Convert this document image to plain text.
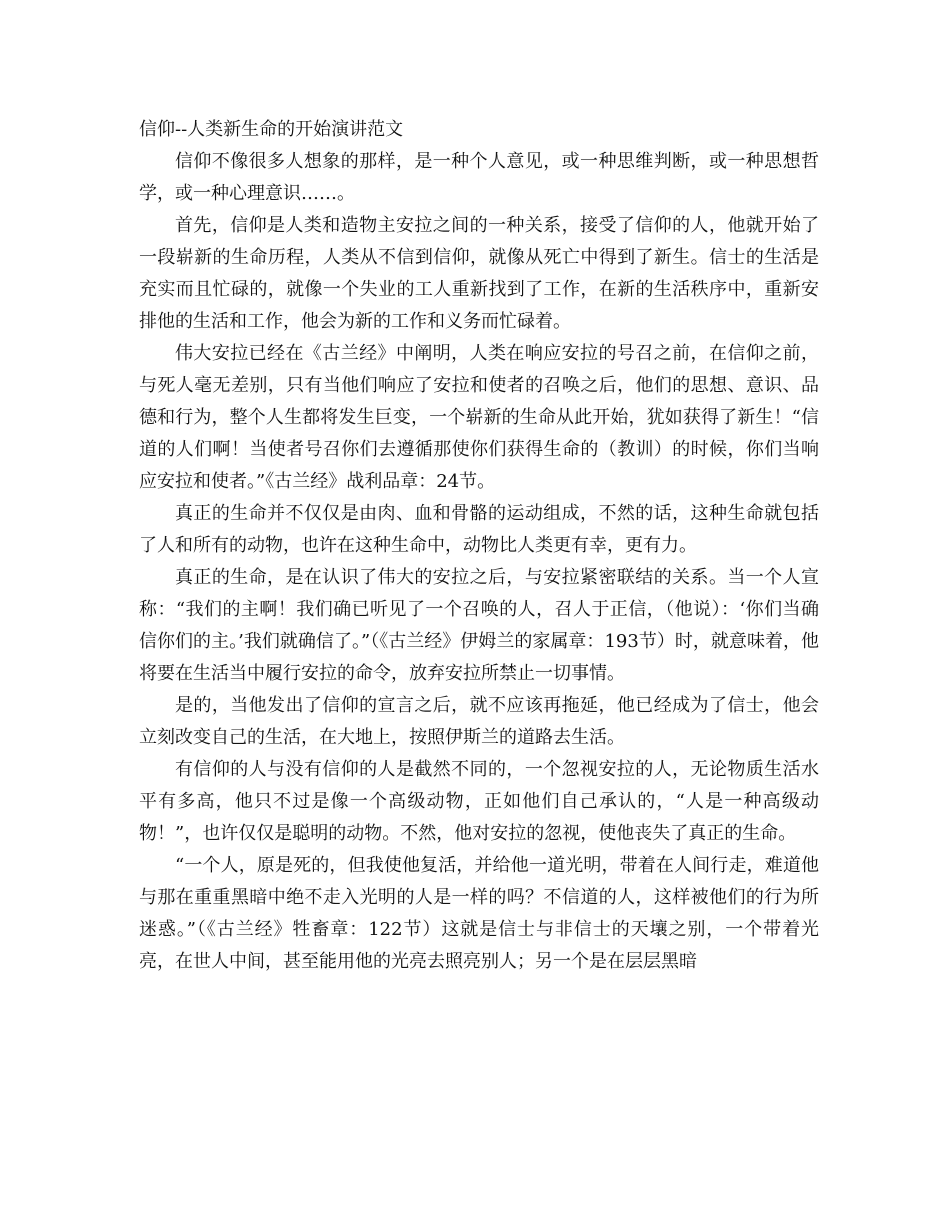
信仰--人类新生命的开始演讲范文

信仰不像很多人想象的那样，是一种个人意见，或一种思维判断，或一种思想哲学，或一种心理意识……。

首先，信仰是人类和造物主安拉之间的一种关系，接受了信仰的人，他就开始了一段崭新的生命历程，人类从不信到信仰，就像从死亡中得到了新生。信士的生活是充实而且忙碌的，就像一个失业的工人重新找到了工作，在新的生活秩序中，重新安排他的生活和工作，他会为新的工作和义务而忙碌着。

伟大安拉已经在《古兰经》中阐明，人类在响应安拉的号召之前，在信仰之前，与死人毫无差别，只有当他们响应了安拉和使者的召唤之后，他们的思想、意识、品德和行为，整个人生都将发生巨变，一个崭新的生命从此开始，犹如获得了新生！“信道的人们啊！当使者号召你们去遵循那使你们获得生命的（教训）的时候，你们当响应安拉和使者。”《古兰经》战利品章：24节。

真正的生命并不仅仅是由肉、血和骨骼的运动组成，不然的话，这种生命就包括了人和所有的动物，也许在这种生命中，动物比人类更有幸，更有力。

真正的生命，是在认识了伟大的安拉之后，与安拉紧密联结的关系。当一个人宣称：“我们的主啊！我们确已听见了一个召唤的人，召人于正信，（他说）：‘你们当确信你们的主。’我们就确信了。”（《古兰经》伊姆兰的家属章：193节）时，就意味着，他将要在生活当中履行安拉的命令，放弃安拉所禁止一切事情。

是的，当他发出了信仰的宣言之后，就不应该再拖延，他已经成为了信士，他会立刻改变自己的生活，在大地上，按照伊斯兰的道路去生活。

有信仰的人与没有信仰的人是截然不同的，一个忽视安拉的人，无论物质生活水平有多高，他只不过是像一个高级动物，正如他们自己承认的，“人是一种高级动物！”，也许仅仅是聪明的动物。不然，他对安拉的忽视，使他丧失了真正的生命。

“一个人，原是死的，但我使他复活，并给他一道光明，带着在人间行走，难道他与那在重重黑暗中绝不走入光明的人是一样的吗？不信道的人，这样被他们的行为所迷惑。”（《古兰经》牲畜章：122节）这就是信士与非信士的天壤之别，一个带着光亮，在世人中间，甚至能用他的光亮去照亮别人；另一个是在层层黑暗
